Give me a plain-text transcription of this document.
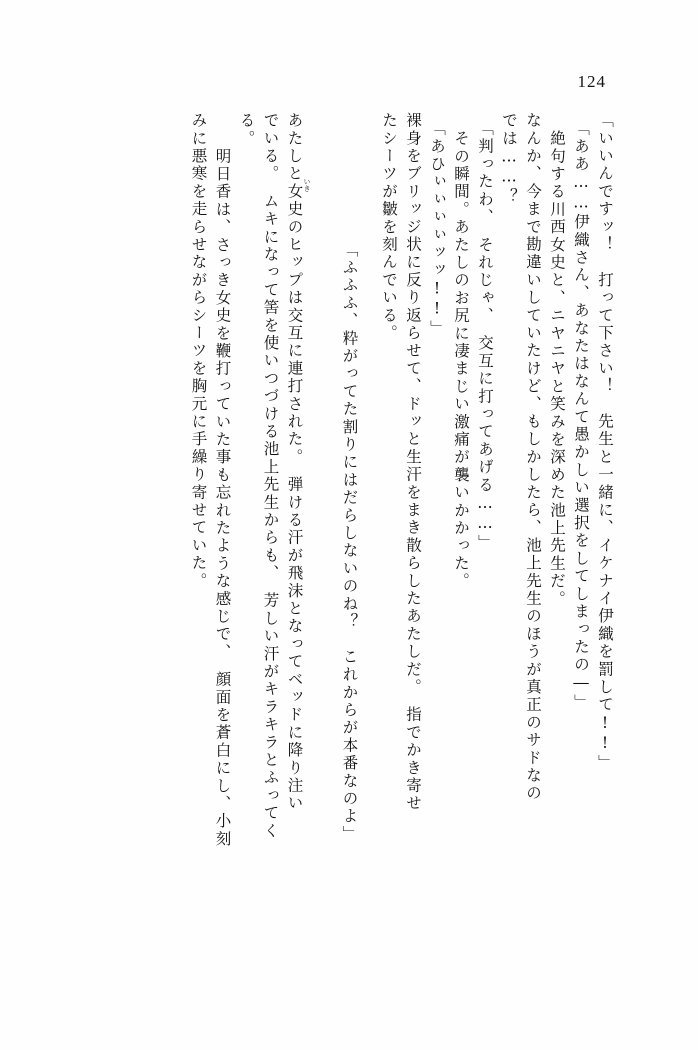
124
「いいんですッ！　打って下さい！　先生と一緒に、イケナイ伊織を罰して!!」
「ああ……伊織さん、あなたはなんて愚かしい選択をしてしまったの―」
絶句する川西女史と、ニヤニヤと笑みを深めた池上先生だ。
なんか、今まで勘違いしていたけど、もしかしたら、池上先生のほうが真正のサドなの
では……？
「判ったわ、　それじゃ、　交互に打ってあげる……」
その瞬間。あたしのお尻に凄まじい激痛が襲いかかった。
「あひぃぃぃぃッッ!!」
裸身をブリッジ状に反り返らせて、ドッと生汗をまき散らしたあたしだ。　指でかき寄せ
たシーツが皺を刻んでいる。

「ふふふ、粋がってた割りにはだらしないのね？　これからが本番なのよ」

いき

あたしと女史のヒップは交互に連打された。　弾ける汗が飛沫となってベッドに降り注い
でいる。　ムキになって筈を使いつづける池上先生からも、　芳しい汗がキラキラとふってく
る。
　明日香は、さっき女史を鞭打っていた事も忘れたような感じで、　顔面を蒼白にし、小刻
みに悪寒を走らせながらシーツを胸元に手繰り寄せていた。
